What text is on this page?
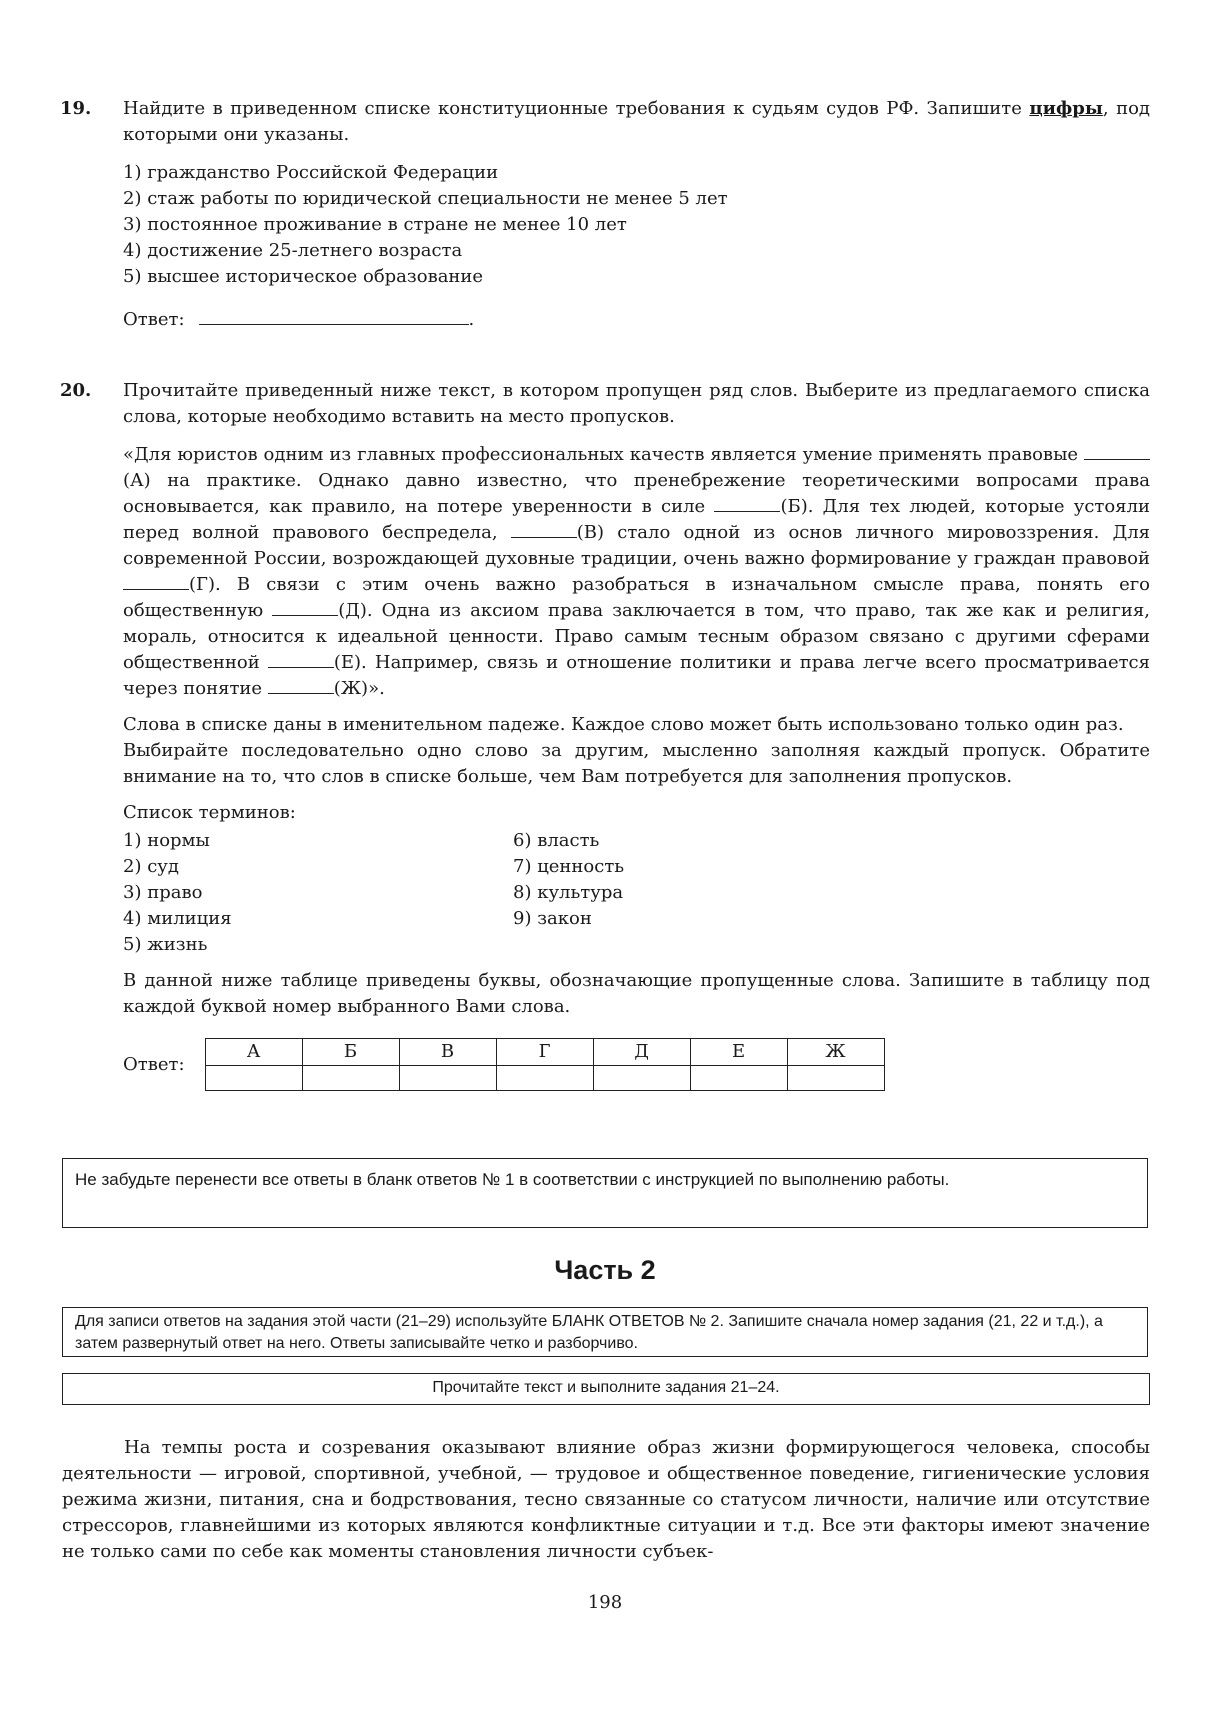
19. Найдите в приведенном списке конституционные требования к судьям судов РФ. Запишите цифры, под которыми они указаны.
1) гражданство Российской Федерации
2) стаж работы по юридической специальности не менее 5 лет
3) постоянное проживание в стране не менее 10 лет
4) достижение 25-летнего возраста
5) высшее историческое образование
Ответ:	.
20. Прочитайте приведенный ниже текст, в котором пропущен ряд слов. Выберите из предлагаемого списка слова, которые необходимо вставить на место пропусков.
«Для юристов одним из главных профессиональных качеств является умение применять правовые (А) на практике. Однако давно известно, что пренебрежение теоретическими вопросами права основывается, как правило, на потере уверенности в силе	(Б). Для тех людей, которые устояли перед волной правового беспредела,	(В) стало одной из основ личного мировоззрения. Для современной России, возрождающей духовные традиции, очень важно формирование у граждан правовой (Г). В связи с этим очень важно разобраться в изначальном смысле права, понять его общественную	(Д). Одна из аксиом права заключается в том, что право, так же как и религия, мораль, относится к идеальной ценности. Право самым тесным образом связано с другими сферами общественной	(Е). Например, связь и отношение политики и права легче всего просматривается через понятие	(Ж)».
Слова в списке даны в именительном падеже. Каждое слово может быть использовано только один раз.
Выбирайте последовательно одно слово за другим, мысленно заполняя каждый пропуск. Обратите внимание на то, что слов в списке больше, чем Вам потребуется для заполнения пропусков.
Список терминов:
1) нормы
2) суд
3) право
4) милиция
5) жизнь
6) власть
7) ценность
8) культура
9) закон
В данной ниже таблице приведены буквы, обозначающие пропущенные слова. Запишите в таблицу под каждой буквой номер выбранного Вами слова.
Ответ:
А	Б	В	Г	Д	Е	Ж

Не забудьте перенести все ответы в бланк ответов № 1 в соответствии с инструкцией по выполнению работы.
Часть 2
Для записи ответов на задания этой части (21–29) используйте БЛАНК ОТВЕТОВ № 2. Запишите сначала номер задания (21, 22 и т.д.), а затем развернутый ответ на него. Ответы записывайте четко и разборчиво.
Прочитайте текст и выполните задания 21–24.
На темпы роста и созревания оказывают влияние образ жизни формирующегося человека, способы деятельности — игровой, спортивной, учебной, — трудовое и общественное поведение, гигиенические условия режима жизни, питания, сна и бодрствования, тесно связанные со статусом личности, наличие или отсутствие стрессоров, главнейшими из которых являются конфликтные ситуации и т.д. Все эти факторы имеют значение не только сами по себе как моменты становления личности субъек-
198
